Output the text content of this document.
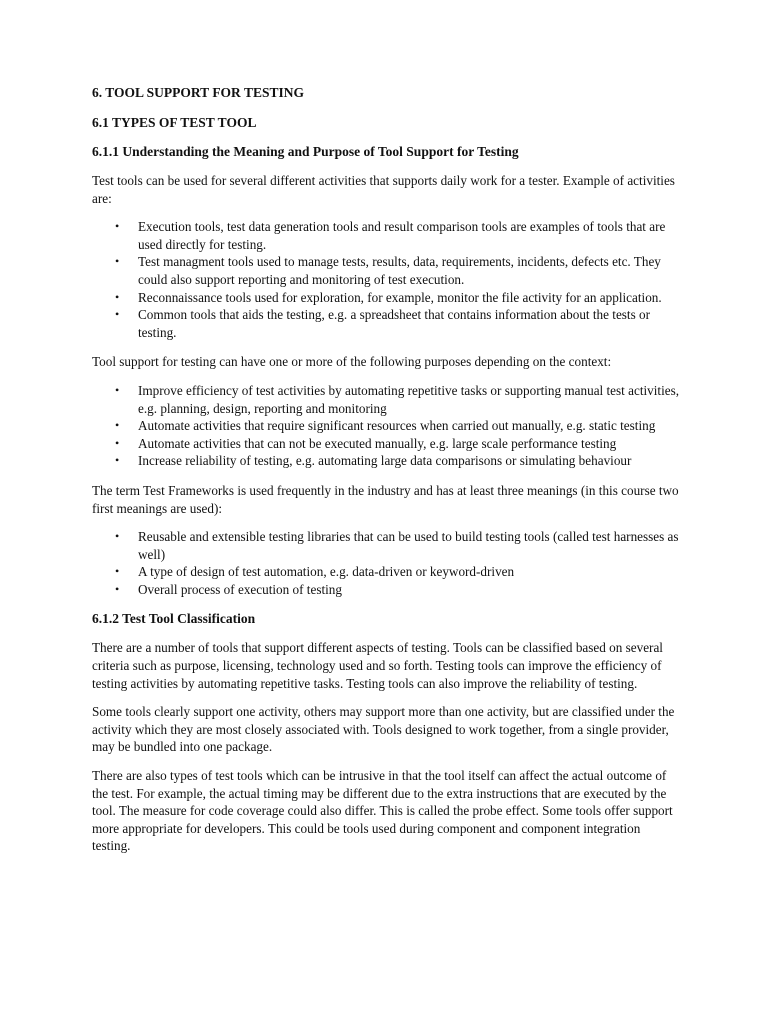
6. TOOL SUPPORT FOR TESTING
6.1 TYPES OF TEST TOOL
6.1.1 Understanding the Meaning and Purpose of Tool Support for Testing

Test tools can be used for several different activities that supports daily work for a tester. Example of activities are:

• Execution tools, test data generation tools and result comparison tools are examples of tools that are used directly for testing.
• Test managment tools used to manage tests, results, data, requirements, incidents, defects etc. They could also support reporting and monitoring of test execution.
• Reconnaissance tools used for exploration, for example, monitor the file activity for an application.
• Common tools that aids the testing, e.g. a spreadsheet that contains information about the tests or testing.

Tool support for testing can have one or more of the following purposes depending on the context:

• Improve efficiency of test activities by automating repetitive tasks or supporting manual test activities, e.g. planning, design, reporting and monitoring
• Automate activities that require significant resources when carried out manually, e.g. static testing
• Automate activities that can not be executed manually, e.g. large scale performance testing
• Increase reliability of testing, e.g. automating large data comparisons or simulating behaviour

The term Test Frameworks is used frequently in the industry and has at least three meanings (in this course two first meanings are used):

• Reusable and extensible testing libraries that can be used to build testing tools (called test harnesses as well)
• A type of design of test automation, e.g. data-driven or keyword-driven
• Overall process of execution of testing
6.1.2 Test Tool Classification

There are a number of tools that support different aspects of testing. Tools can be classified based on several criteria such as purpose, licensing, technology used and so forth. Testing tools can improve the efficiency of testing activities by automating repetitive tasks. Testing tools can also improve the reliability of testing.

Some tools clearly support one activity, others may support more than one activity, but are classified under the activity which they are most closely associated with. Tools designed to work together, from a single provider, may be bundled into one package.

There are also types of test tools which can be intrusive in that the tool itself can affect the actual outcome of the test. For example, the actual timing may be different due to the extra instructions that are executed by the tool. The measure for code coverage could also differ. This is called the probe effect. Some tools offer support more appropriate for developers. This could be tools used during component and component integration testing.
